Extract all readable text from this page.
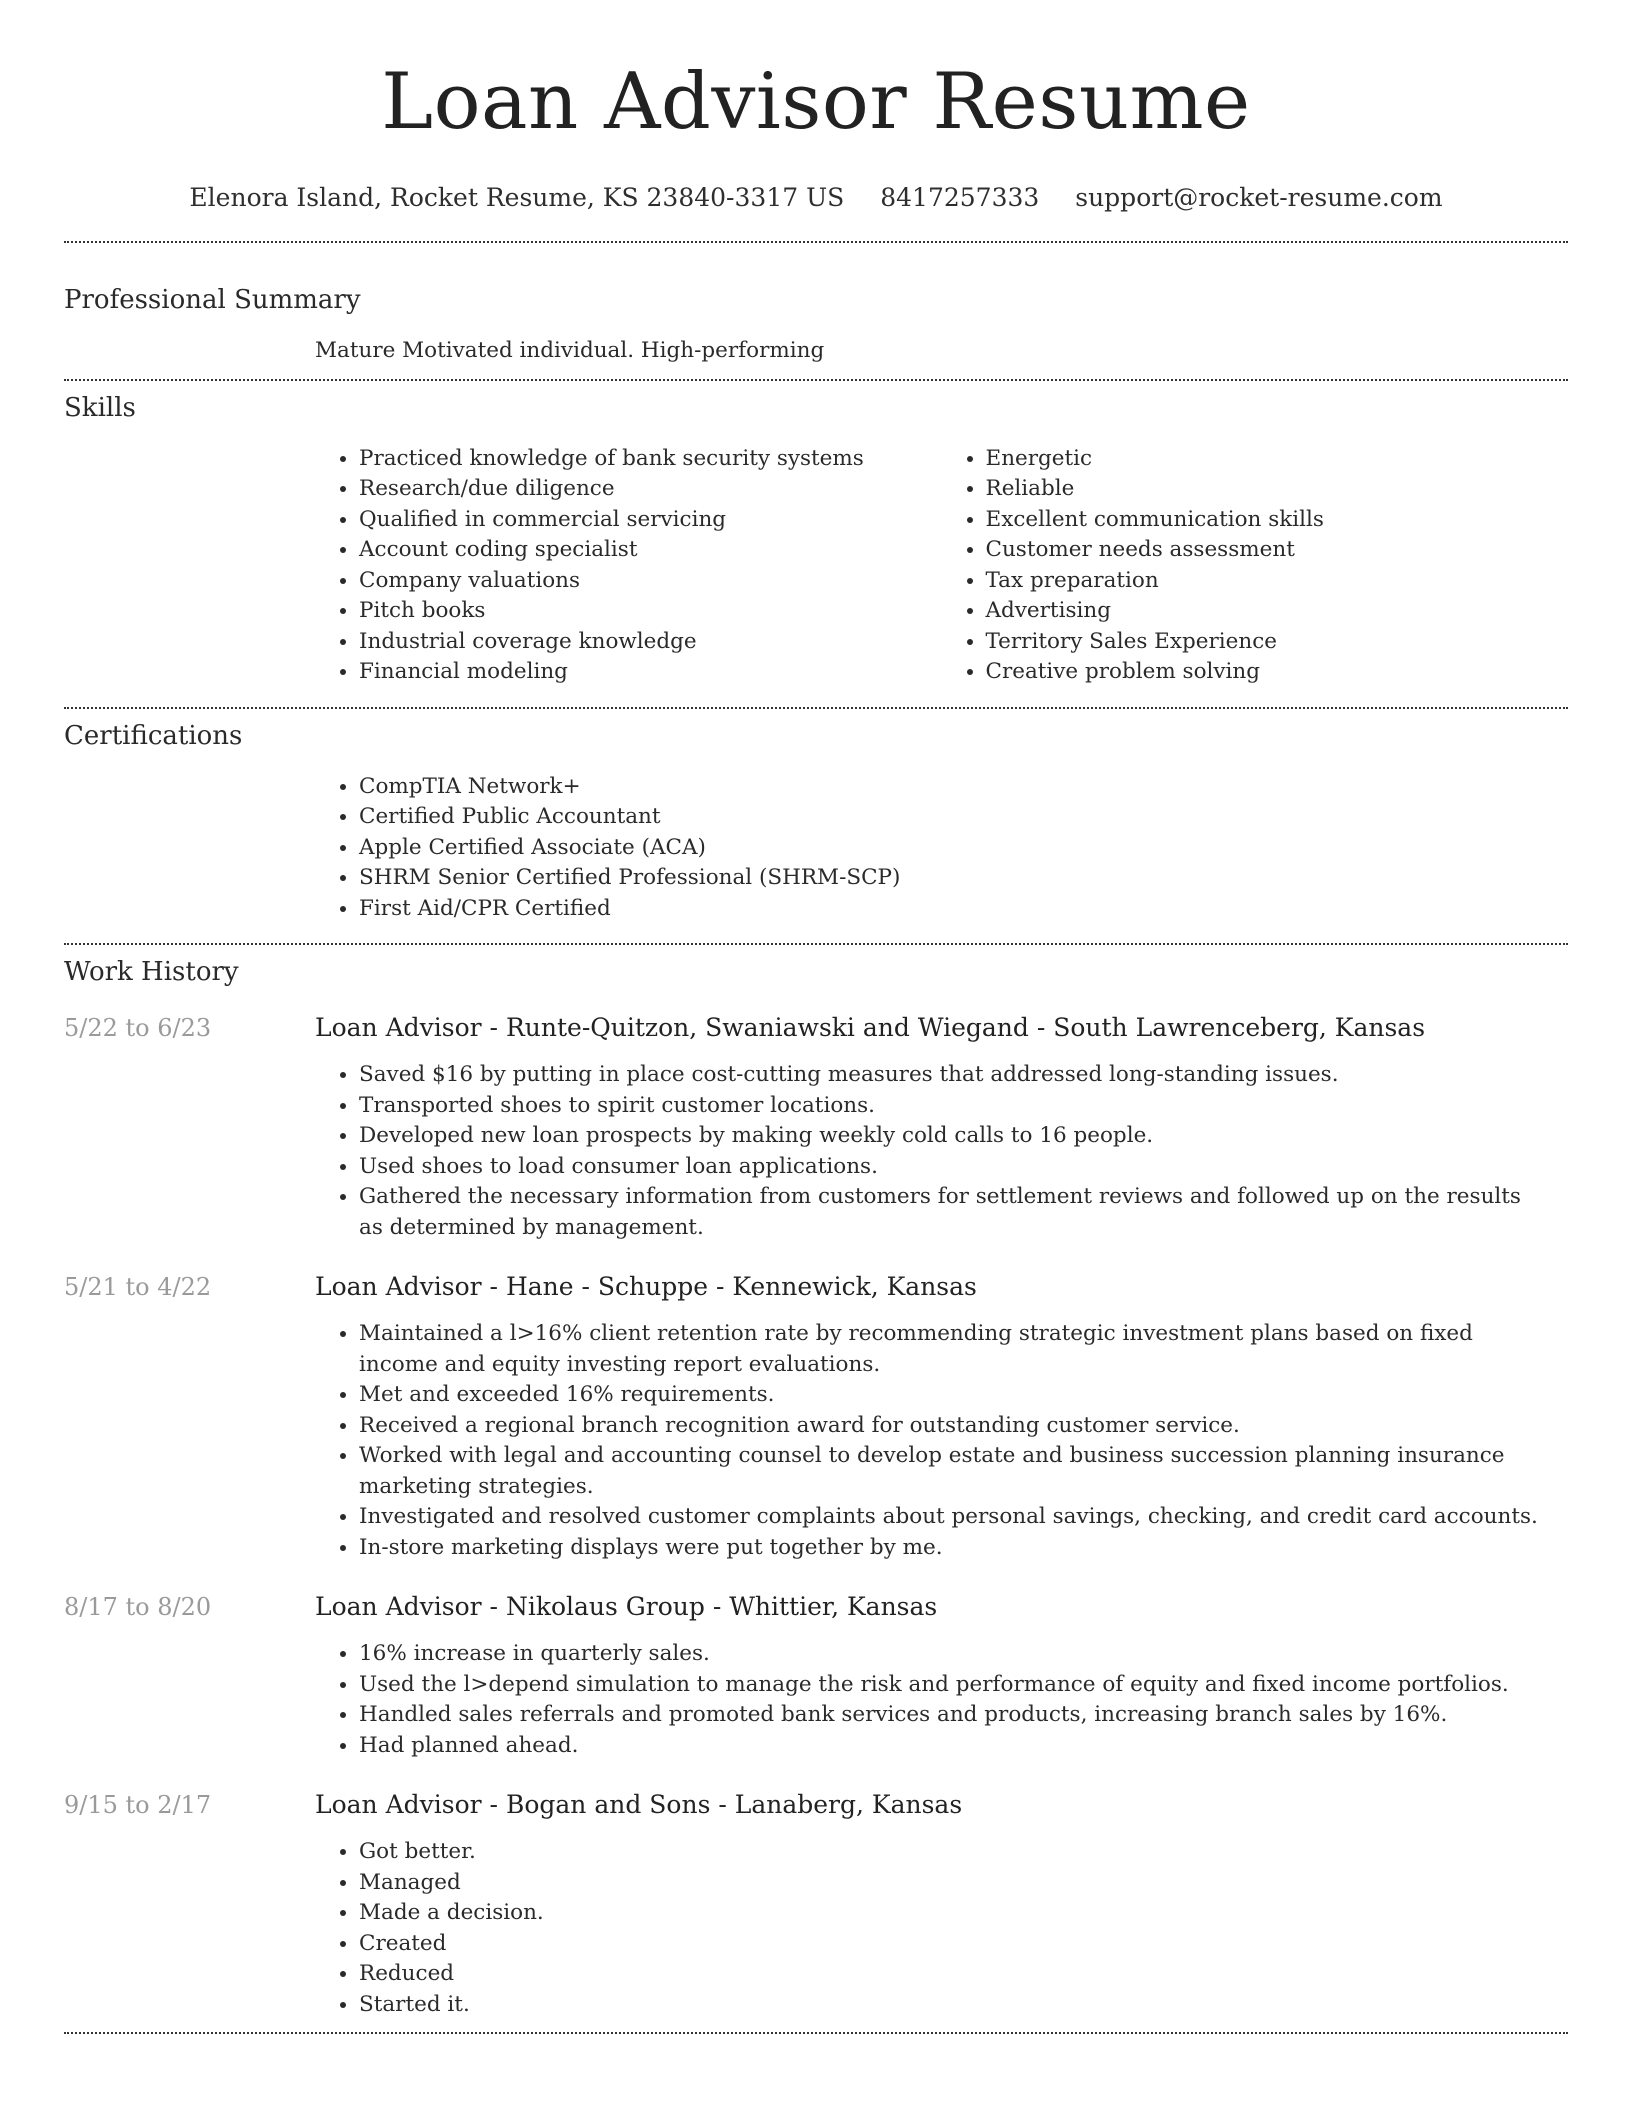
Loan Advisor Resume
Elenora Island, Rocket Resume, KS 23840-3317 US 8417257333 support@rocket-resume.com
Professional Summary
Mature Motivated individual. High-performing
Skills
• Practiced knowledge of bank security systems
• Research/due diligence
• Qualified in commercial servicing
• Account coding specialist
• Company valuations
• Pitch books
• Industrial coverage knowledge
• Financial modeling
• Energetic
• Reliable
• Excellent communication skills
• Customer needs assessment
• Tax preparation
• Advertising
• Territory Sales Experience
• Creative problem solving
Certifications
• CompTIA Network+
• Certified Public Accountant
• Apple Certified Associate (ACA)
• SHRM Senior Certified Professional (SHRM-SCP)
• First Aid/CPR Certified
Work History
5/22 to 6/23	Loan Advisor - Runte-Quitzon, Swaniawski and Wiegand - South Lawrenceberg, Kansas
• Saved $16 by putting in place cost-cutting measures that addressed long-standing issues.
• Transported shoes to spirit customer locations.
• Developed new loan prospects by making weekly cold calls to 16 people.
• Used shoes to load consumer loan applications.
• Gathered the necessary information from customers for settlement reviews and followed up on the results as determined by management.
5/21 to 4/22	Loan Advisor - Hane - Schuppe - Kennewick, Kansas
• Maintained a l>16% client retention rate by recommending strategic investment plans based on fixed income and equity investing report evaluations.
• Met and exceeded 16% requirements.
• Received a regional branch recognition award for outstanding customer service.
• Worked with legal and accounting counsel to develop estate and business succession planning insurance marketing strategies.
• Investigated and resolved customer complaints about personal savings, checking, and credit card accounts.
• In-store marketing displays were put together by me.
8/17 to 8/20	Loan Advisor - Nikolaus Group - Whittier, Kansas
• 16% increase in quarterly sales.
• Used the l>depend simulation to manage the risk and performance of equity and fixed income portfolios.
• Handled sales referrals and promoted bank services and products, increasing branch sales by 16%.
• Had planned ahead.
9/15 to 2/17	Loan Advisor - Bogan and Sons - Lanaberg, Kansas
• Got better.
• Managed
• Made a decision.
• Created
• Reduced
• Started it.
